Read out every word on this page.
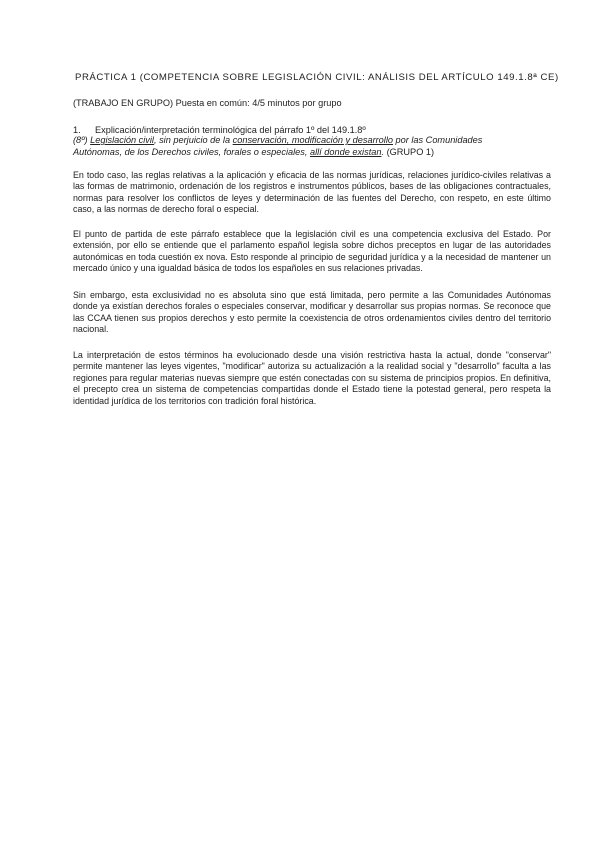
PRÁCTICA 1 (COMPETENCIA SOBRE LEGISLACIÓN CIVIL: ANÁLISIS DEL ARTÍCULO 149.1.8ª CE)

(TRABAJO EN GRUPO) Puesta en común: 4/5 minutos por grupo

1. Explicación/interpretación terminológica del párrafo 1º del 149.1.8º

(8º) Legislación civil, sin perjuicio de la conservación, modificación y desarrollo por las Comunidades Autónomas, de los Derechos civiles, forales o especiales, allí donde existan. (GRUPO 1)

En todo caso, las reglas relativas a la aplicación y eficacia de las normas jurídicas, relaciones jurídico-civiles relativas a las formas de matrimonio, ordenación de los registros e instrumentos públicos, bases de las obligaciones contractuales, normas para resolver los conflictos de leyes y determinación de las fuentes del Derecho, con respeto, en este último caso, a las normas de derecho foral o especial.

El punto de partida de este párrafo establece que la legislación civil es una competencia exclusiva del Estado. Por extensión, por ello se entiende que el parlamento español legisla sobre dichos preceptos en lugar de las autoridades autonómicas en toda cuestión ex nova. Esto responde al principio de seguridad jurídica y a la necesidad de mantener un mercado único y una igualdad básica de todos los españoles en sus relaciones privadas.

Sin embargo, esta exclusividad no es absoluta sino que está limitada, pero permite a las Comunidades Autónomas donde ya existían derechos forales o especiales conservar, modificar y desarrollar sus propias normas. Se reconoce que las CCAA tienen sus propios derechos y esto permite la coexistencia de otros ordenamientos civiles dentro del territorio nacional.

La interpretación de estos términos ha evolucionado desde una visión restrictiva hasta la actual, donde "conservar" permite mantener las leyes vigentes, "modificar" autoriza su actualización a la realidad social y "desarrollo" faculta a las regiones para regular materias nuevas siempre que estén conectadas con su sistema de principios propios. En definitiva, el precepto crea un sistema de competencias compartidas donde el Estado tiene la potestad general, pero respeta la identidad jurídica de los territorios con tradición foral histórica.
